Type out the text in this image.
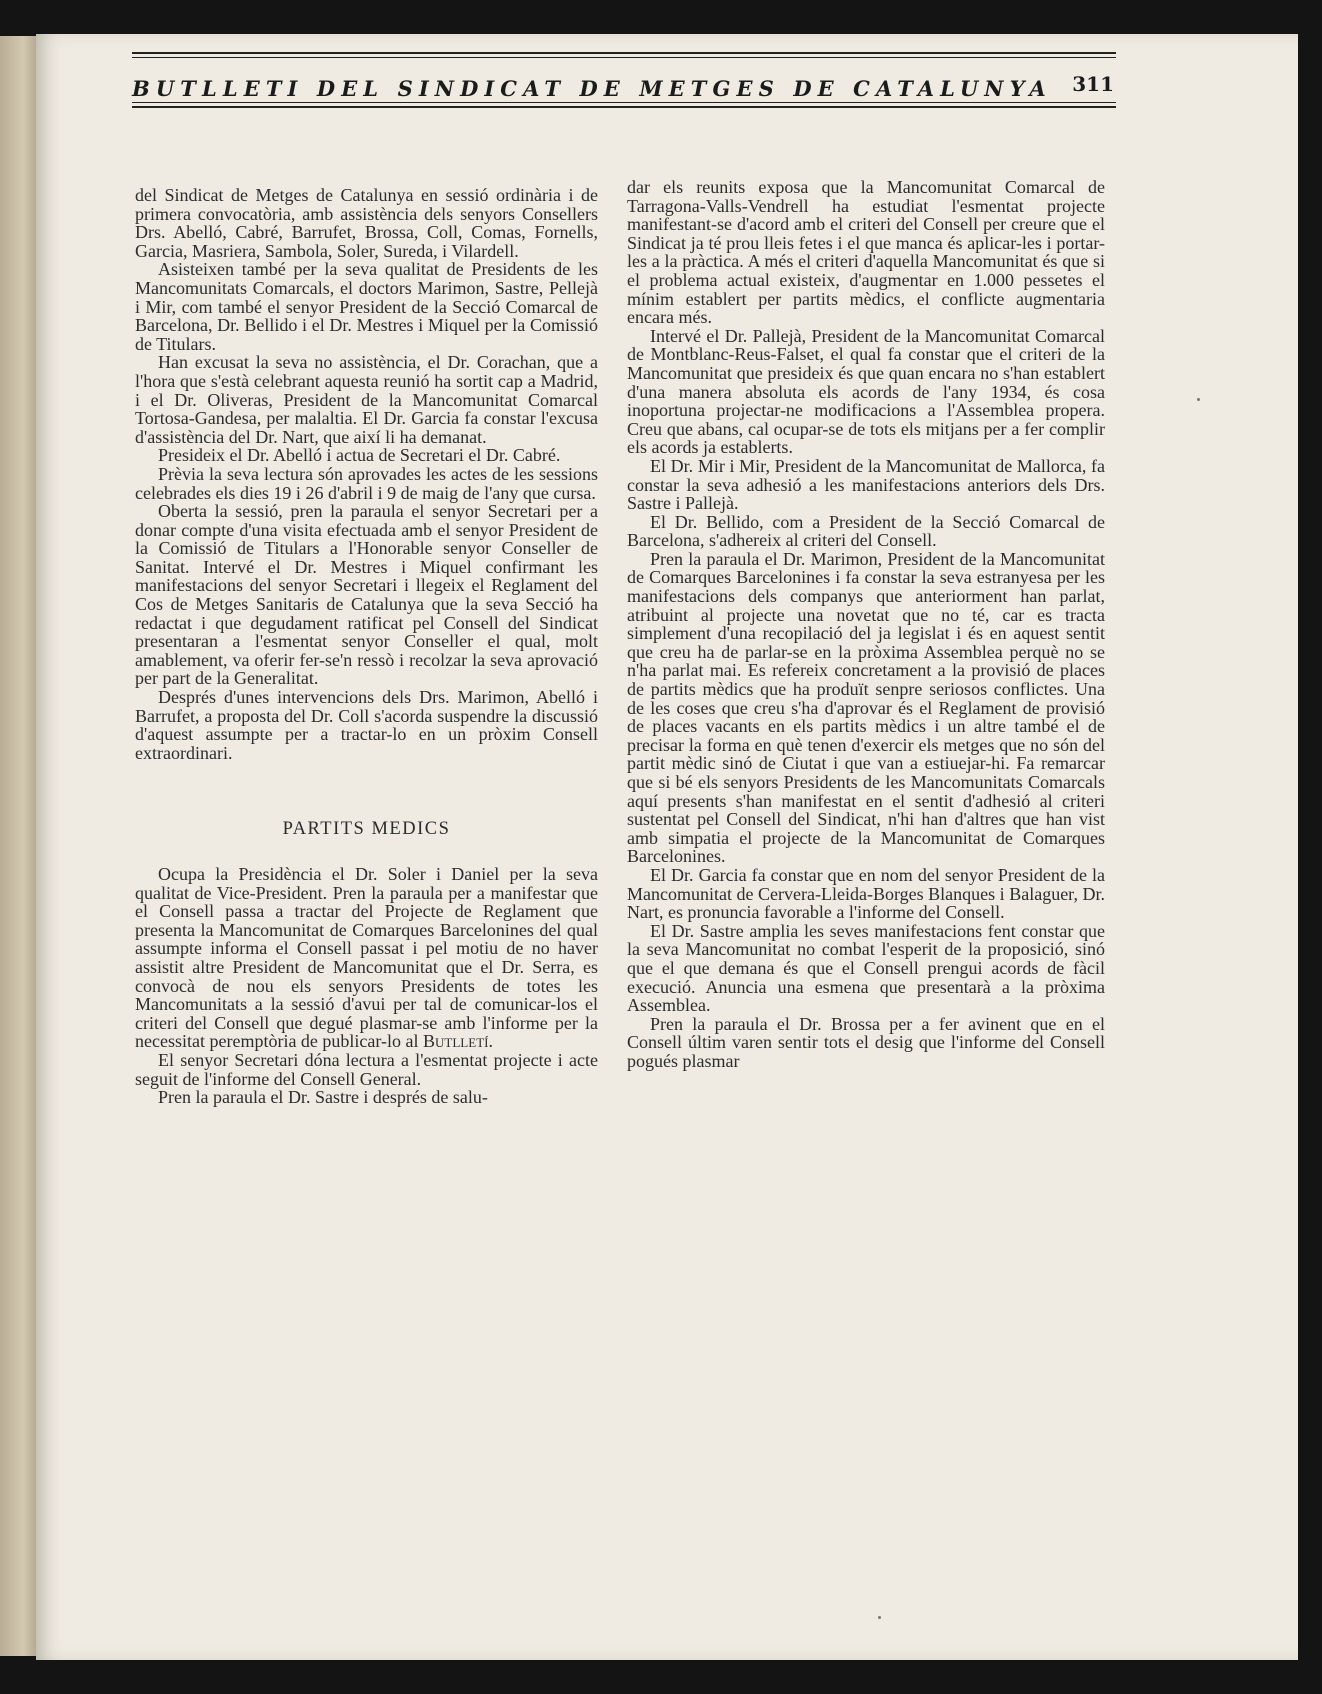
BUTLLETI DEL SINDICAT DE METGES DE CATALUNYA	311

del Sindicat de Metges de Catalunya en sessió ordinària i de primera convocatòria, amb assistència dels senyors Consellers Drs. Abelló, Cabré, Barrufet, Brossa, Coll, Comas, Fornells, Garcia, Masriera, Sambola, Soler, Sureda, i Vilardell.

Asisteixen també per la seva qualitat de Presidents de les Mancomunitats Comarcals, el doctors Marimon, Sastre, Pellejà i Mir, com també el senyor President de la Secció Comarcal de Barcelona, Dr. Bellido i el Dr. Mestres i Miquel per la Comissió de Titulars.

Han excusat la seva no assistència, el Dr. Corachan, que a l'hora que s'està celebrant aquesta reunió ha sortit cap a Madrid, i el Dr. Oliveras, President de la Mancomunitat Comarcal Tortosa-Gandesa, per malaltia. El Dr. Garcia fa constar l'excusa d'assistència del Dr. Nart, que així li ha demanat.

Presideix el Dr. Abelló i actua de Secretari el Dr. Cabré.

Prèvia la seva lectura són aprovades les actes de les sessions celebrades els dies 19 i 26 d'abril i 9 de maig de l'any que cursa.

Oberta la sessió, pren la paraula el senyor Secretari per a donar compte d'una visita efectuada amb el senyor President de la Comissió de Titulars a l'Honorable senyor Conseller de Sanitat. Intervé el Dr. Mestres i Miquel confirmant les manifestacions del senyor Secretari i llegeix el Reglament del Cos de Metges Sanitaris de Catalunya que la seva Secció ha redactat i que degudament ratificat pel Consell del Sindicat presentaran a l'esmentat senyor Conseller el qual, molt amablement, va oferir fer-se'n ressò i recolzar la seva aprovació per part de la Generalitat.

Després d'unes intervencions dels Drs. Marimon, Abelló i Barrufet, a proposta del Dr. Coll s'acorda suspendre la discussió d'aquest assumpte per a tractar-lo en un pròxim Consell extraordinari.

PARTITS MEDICS

Ocupa la Presidència el Dr. Soler i Daniel per la seva qualitat de Vice-President. Pren la paraula per a manifestar que el Consell passa a tractar del Projecte de Reglament que presenta la Mancomunitat de Comarques Barcelonines del qual assumpte informa el Consell passat i pel motiu de no haver assistit altre President de Mancomunitat que el Dr. Serra, es convocà de nou els senyors Presidents de totes les Mancomunitats a la sessió d'avui per tal de comunicar-los el criteri del Consell que degué plasmar-se amb l'informe per la necessitat peremptòria de publicar-lo al Butlletí.

El senyor Secretari dóna lectura a l'esmentat projecte i acte seguit de l'informe del Consell General.

Pren la paraula el Dr. Sastre i després de salu-

dar els reunits exposa que la Mancomunitat Comarcal de Tarragona-Valls-Vendrell ha estudiat l'esmentat projecte manifestant-se d'acord amb el criteri del Consell per creure que el Sindicat ja té prou lleis fetes i el que manca és aplicar-les i portar-les a la pràctica. A més el criteri d'aquella Mancomunitat és que si el problema actual existeix, d'augmentar en 1.000 pessetes el mínim establert per partits mèdics, el conflicte augmentaria encara més.

Intervé el Dr. Pallejà, President de la Mancomunitat Comarcal de Montblanc-Reus-Falset, el qual fa constar que el criteri de la Mancomunitat que presideix és que quan encara no s'han establert d'una manera absoluta els acords de l'any 1934, és cosa inoportuna projectar-ne modificacions a l'Assemblea propera. Creu que abans, cal ocupar-se de tots els mitjans per a fer complir els acords ja establerts.

El Dr. Mir i Mir, President de la Mancomunitat de Mallorca, fa constar la seva adhesió a les manifestacions anteriors dels Drs. Sastre i Pallejà.

El Dr. Bellido, com a President de la Secció Comarcal de Barcelona, s'adhereix al criteri del Consell.

Pren la paraula el Dr. Marimon, President de la Mancomunitat de Comarques Barcelonines i fa constar la seva estranyesa per les manifestacions dels companys que anteriorment han parlat, atribuint al projecte una novetat que no té, car es tracta simplement d'una recopilació del ja legislat i és en aquest sentit que creu ha de parlar-se en la pròxima Assemblea perquè no se n'ha parlat mai. Es refereix concretament a la provisió de places de partits mèdics que ha produït senpre seriosos conflictes. Una de les coses que creu s'ha d'aprovar és el Reglament de provisió de places vacants en els partits mèdics i un altre també el de precisar la forma en què tenen d'exercir els metges que no són del partit mèdic sinó de Ciutat i que van a estiuejar-hi. Fa remarcar que si bé els senyors Presidents de les Mancomunitats Comarcals aquí presents s'han manifestat en el sentit d'adhesió al criteri sustentat pel Consell del Sindicat, n'hi han d'altres que han vist amb simpatia el projecte de la Mancomunitat de Comarques Barcelonines.

El Dr. Garcia fa constar que en nom del senyor President de la Mancomunitat de Cervera-Lleida-Borges Blanques i Balaguer, Dr. Nart, es pronuncia favorable a l'informe del Consell.

El Dr. Sastre amplia les seves manifestacions fent constar que la seva Mancomunitat no combat l'esperit de la proposició, sinó que el que demana és que el Consell prengui acords de fàcil execució. Anuncia una esmena que presentarà a la pròxima Assemblea.

Pren la paraula el Dr. Brossa per a fer avinent que en el Consell últim varen sentir tots el desig que l'informe del Consell pogués plasmar
